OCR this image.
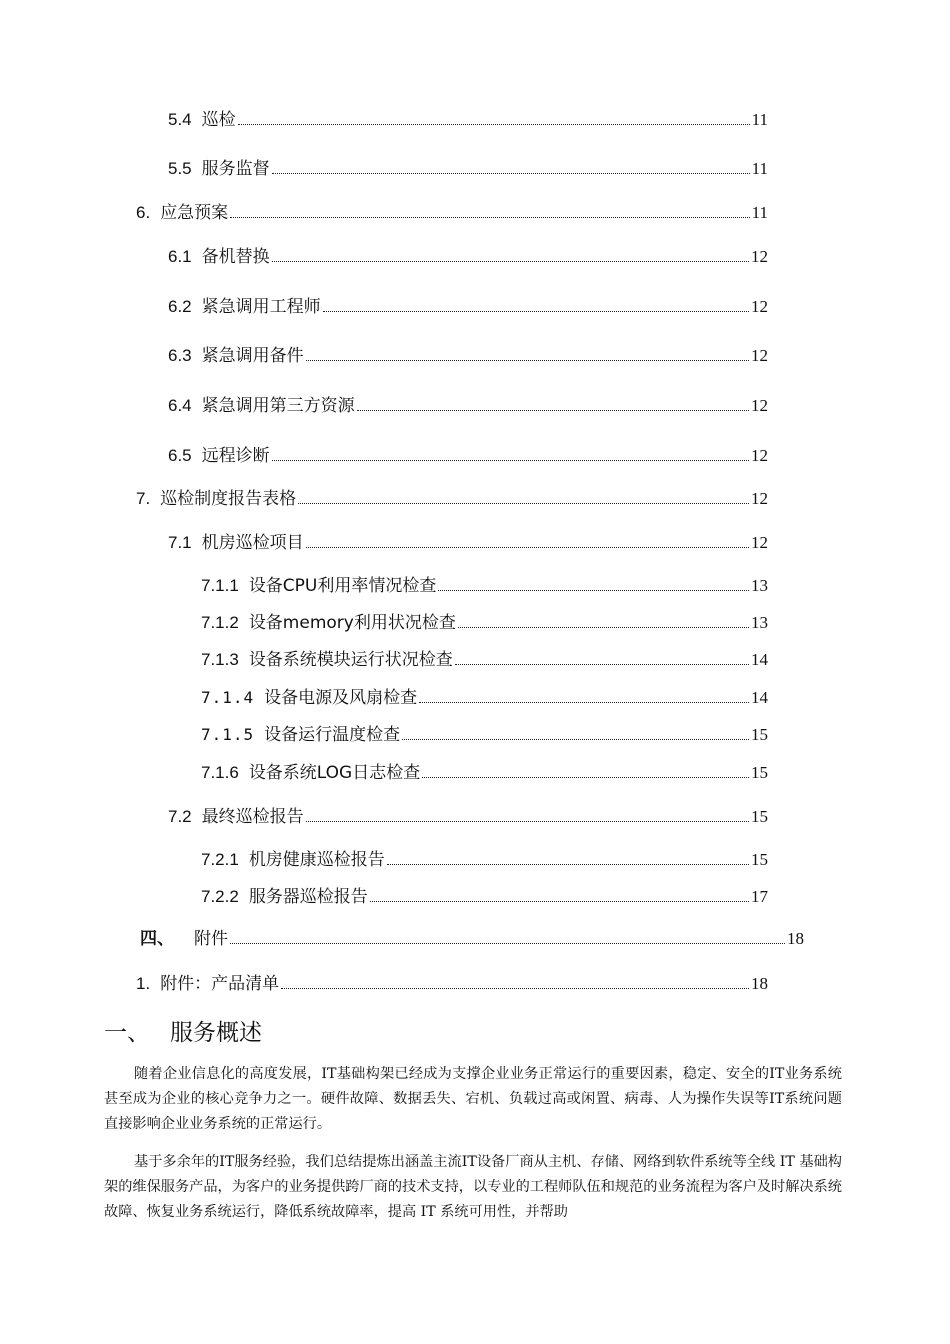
5.4 巡检	11
5.5 服务监督	11
6. 应急预案	11
6.1 备机替换	12
6.2 紧急调用工程师	12
6.3 紧急调用备件	12
6.4 紧急调用第三方资源	12
6.5 远程诊断	12
7. 巡检制度报告表格	12
7.1 机房巡检项目	12
7.1.1 设备CPU利用率情况检查	13
7.1.2 设备memory利用状况检查	13
7.1.3 设备系统模块运行状况检查	14
7.1.4 设备电源及风扇检查	14
7.1.5 设备运行温度检查	15
7.1.6 设备系统LOG日志检查	15
7.2 最终巡检报告	15
7.2.1 机房健康巡检报告	15
7.2.2 服务器巡检报告	17
四、 附件	18
1. 附件：产品清单	18
一、 服务概述

随着企业信息化的高度发展，IT基础构架已经成为支撑企业业务正常运行的重要因素，稳定、安全的IT业务系统甚至成为企业的核心竞争力之一。硬件故障、数据丢失、宕机、负载过高或闲置、病毒、人为操作失误等IT系统问题直接影响企业业务系统的正常运行。

基于多余年的IT服务经验，我们总结提炼出涵盖主流IT设备厂商从主机、存储、网络到软件系统等全线 IT 基础构架的维保服务产品，为客户的业务提供跨厂商的技术支持，以专业的工程师队伍和规范的业务流程为客户及时解决系统故障、恢复业务系统运行，降低系统故障率，提高 IT 系统可用性，并帮助
